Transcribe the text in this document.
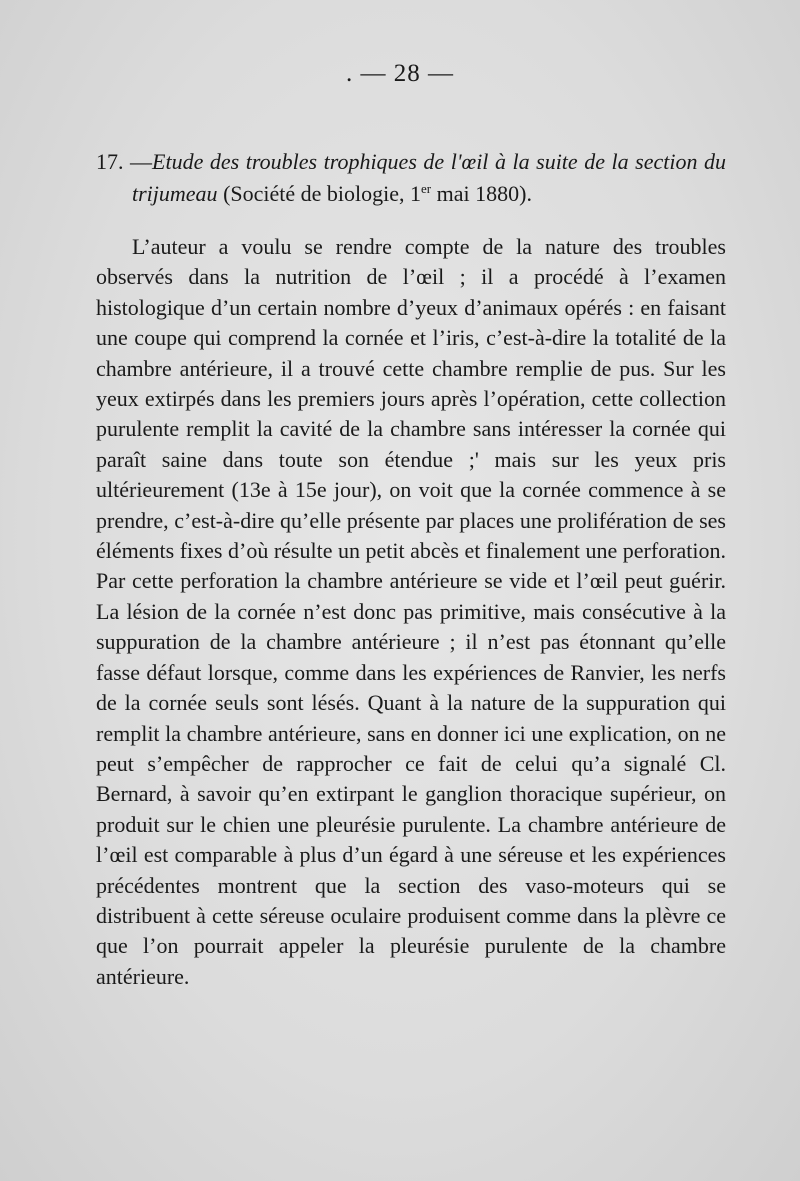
. — 28 —

17. —Etude des troubles trophiques de l'œil à la suite de la section du trijumeau (Société de biologie, 1er mai 1880).

L’auteur a voulu se rendre compte de la nature des troubles observés dans la nutrition de l’œil ; il a procédé à l’examen histologique d’un certain nombre d’yeux d’animaux opérés : en faisant une coupe qui comprend la cornée et l’iris, c’est-à-dire la totalité de la chambre antérieure, il a trouvé cette chambre remplie de pus. Sur les yeux extirpés dans les premiers jours après l’opération, cette collection purulente remplit la cavité de la chambre sans intéresser la cornée qui paraît saine dans toute son étendue ;' mais sur les yeux pris ultérieurement (13e à 15e jour), on voit que la cornée commence à se prendre, c’est-à-dire qu’elle présente par places une prolifération de ses éléments fixes d’où résulte un petit abcès et finalement une perforation. Par cette perforation la chambre antérieure se vide et l’œil peut guérir. La lésion de la cornée n’est donc pas primitive, mais consécutive à la suppuration de la chambre antérieure ; il n’est pas étonnant qu’elle fasse défaut lorsque, comme dans les expériences de Ranvier, les nerfs de la cornée seuls sont lésés. Quant à la nature de la suppuration qui remplit la chambre antérieure, sans en donner ici une explication, on ne peut s’empêcher de rapprocher ce fait de celui qu’a signalé Cl. Bernard, à savoir qu’en extirpant le ganglion thoracique supérieur, on produit sur le chien une pleurésie purulente. La chambre antérieure de l’œil est comparable à plus d’un égard à une séreuse et les expériences précédentes montrent que la section des vaso-moteurs qui se distribuent à cette séreuse oculaire produisent comme dans la plèvre ce que l’on pourrait appeler la pleurésie purulente de la chambre antérieure.
